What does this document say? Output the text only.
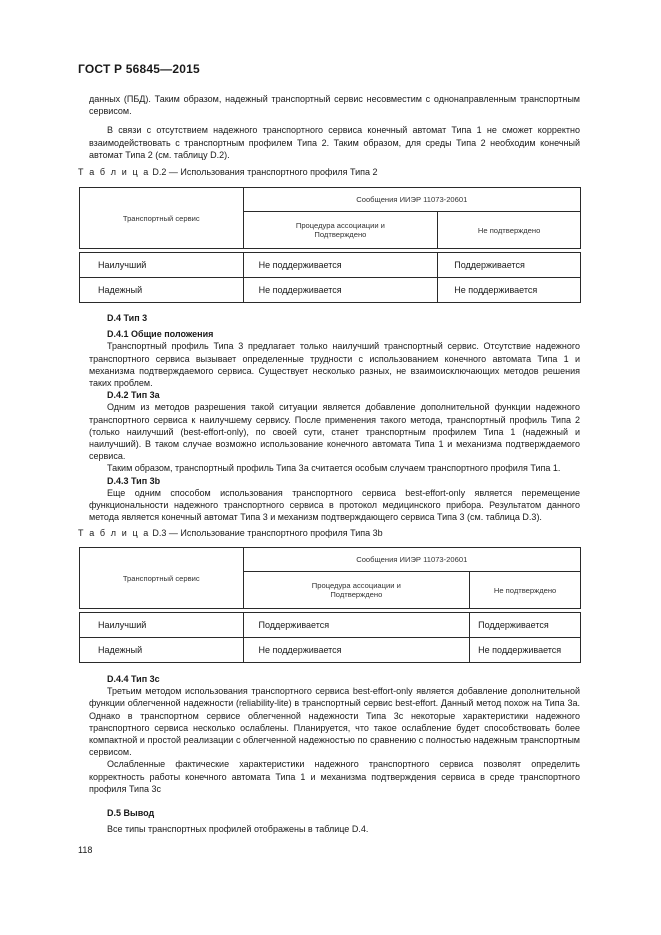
ГОСТ Р 56845—2015

данных (ПБД). Таким образом, надежный транспортный сервис несовместим с однонаправленным транспортным сервисом.

В связи с отсутствием надежного транспортного сервиса конечный автомат Типа 1 не сможет корректно взаимодействовать с транспортным профилем Типа 2. Таким образом, для среды Типа 2 необходим конечный автомат Типа 2 (см. таблицу D.2).

Т а б л и ц а D.2 — Использования транспортного профиля Типа 2
Транспортный сервис	Сообщения ИИЭР 11073-20601	
	Процедура ассоциации и Подтверждено	Не подтверждено

Наилучший	Не поддерживается	Поддерживается
Надежный	Не поддерживается	Не поддерживается

D.4 Тип 3

D.4.1 Общие положения

Транспортный профиль Типа 3 предлагает только наилучший транспортный сервис. Отсутствие надежного транспортного сервиса вызывает определенные трудности с использованием конечного автомата Типа 1 и механизма подтверждаемого сервиса. Существует несколько разных, не взаимоисключающих методов решения таких проблем.

D.4.2 Тип 3а

Одним из методов разрешения такой ситуации является добавление дополнительной функции надежного транспортного сервиса к наилучшему сервису. После применения такого метода, транспортный профиль Типа 2 (только наилучший (best-effort-only), по своей сути, станет транспортным профилем Типа 1 (надежный и наилучший). В таком случае возможно использование конечного автомата Типа 1 и механизма подтверждаемого сервиса.

Таким образом, транспортный профиль Типа 3а считается особым случаем транспортного профиля Типа 1.

D.4.3 Тип 3b

Еще одним способом использования транспортного сервиса best-effort-only является перемещение функциональности надежного транспортного сервиса в протокол медицинского прибора. Результатом данного метода является конечный автомат Типа 3 и механизм подтверждающего сервиса Типа 3 (см. таблица D.3).

Т а б л и ц а D.3 — Использование транспортного профиля Типа 3b
Транспортный сервис	Сообщения ИИЭР 11073-20601	
	Процедура ассоциации и Подтверждено	Не подтверждено

Наилучший	Поддерживается	Поддерживается
Надежный	Не поддерживается	Не поддерживается

D.4.4 Тип 3с

Третьим методом использования транспортного сервиса best-effort-only является добавление дополнительной функции облегченной надежности (reliability-lite) в транспортный сервис best-effort. Данный метод похож на Типа 3а. Однако в транспортном сервисе облегченной надежности Типа 3с некоторые характеристики надежного транспортного сервиса несколько ослаблены. Планируется, что такое ослабление будет способствовать более компактной и простой реализации с облегченной надежностью по сравнению с полностью надежным транспортным сервисом.

Ослабленные фактические характеристики надежного транспортного сервиса позволят определить корректность работы конечного автомата Типа 1 и механизма подтверждения сервиса в среде транспортного профиля Типа 3с

D.5 Вывод

Все типы транспортных профилей отображены в таблице D.4.

118
